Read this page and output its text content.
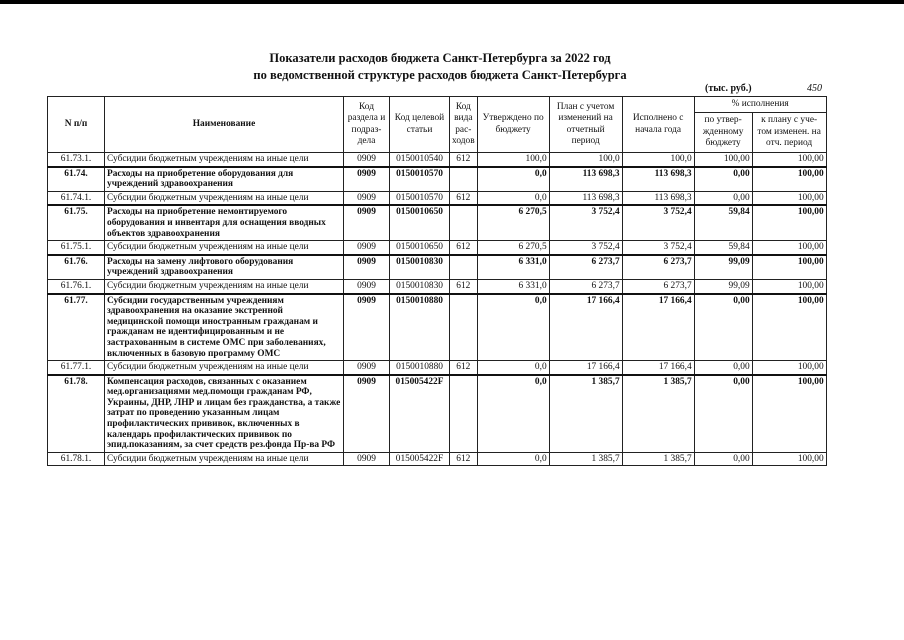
Показатели расходов бюджета Санкт-Петербурга за 2022 год
по ведомственной структуре расходов бюджета Санкт-Петербурга
(тыс. руб.)	450
N п/п	Наименование	Код раздела и подраз-дела	Код целевой статьи	Код вида рас-ходов	Утверждено по бюджету	План с учетом изменений на отчетный период	Исполнено с начала года	% исполнения	
								по утвер-жденному бюджету	к плану с уче-том изменен. на отч. период
61.73.1.	Субсидии бюджетным учреждениям на иные цели	0909	0150010540	612	100,0	100,0	100,0	100,00	100,00
61.74.	Расходы на приобретение оборудования для учреждений здравоохранения	0909	0150010570		0,0	113 698,3	113 698,3	0,00	100,00
61.74.1.	Субсидии бюджетным учреждениям на иные цели	0909	0150010570	612	0,0	113 698,3	113 698,3	0,00	100,00
61.75.	Расходы на приобретение немонтируемого оборудования и инвентаря для оснащения вводных объектов здравоохранения	0909	0150010650		6 270,5	3 752,4	3 752,4	59,84	100,00
61.75.1.	Субсидии бюджетным учреждениям на иные цели	0909	0150010650	612	6 270,5	3 752,4	3 752,4	59,84	100,00
61.76.	Расходы на замену лифтового оборудования учреждений здравоохранения	0909	0150010830		6 331,0	6 273,7	6 273,7	99,09	100,00
61.76.1.	Субсидии бюджетным учреждениям на иные цели	0909	0150010830	612	6 331,0	6 273,7	6 273,7	99,09	100,00
61.77.	Субсидии государственным учреждениям здравоохранения на оказание экстренной медицинской помощи иностранным гражданам и гражданам не идентифицированным и не застрахованным в системе ОМС при заболеваниях, включенных в базовую программу ОМС	0909	0150010880		0,0	17 166,4	17 166,4	0,00	100,00
61.77.1.	Субсидии бюджетным учреждениям на иные цели	0909	0150010880	612	0,0	17 166,4	17 166,4	0,00	100,00
61.78.	Компенсация расходов, связанных с оказанием мед.организациями мед.помощи гражданам РФ, Украины, ДНР, ЛНР и лицам без гражданства, а также затрат по проведению указанным лицам профилактических прививок, включенных в календарь профилактических прививок по эпид.показаниям, за счет средств рез.фонда Пр-ва РФ	0909	015005422F		0,0	1 385,7	1 385,7	0,00	100,00
61.78.1.	Субсидии бюджетным учреждениям на иные цели	0909	015005422F	612	0,0	1 385,7	1 385,7	0,00	100,00
